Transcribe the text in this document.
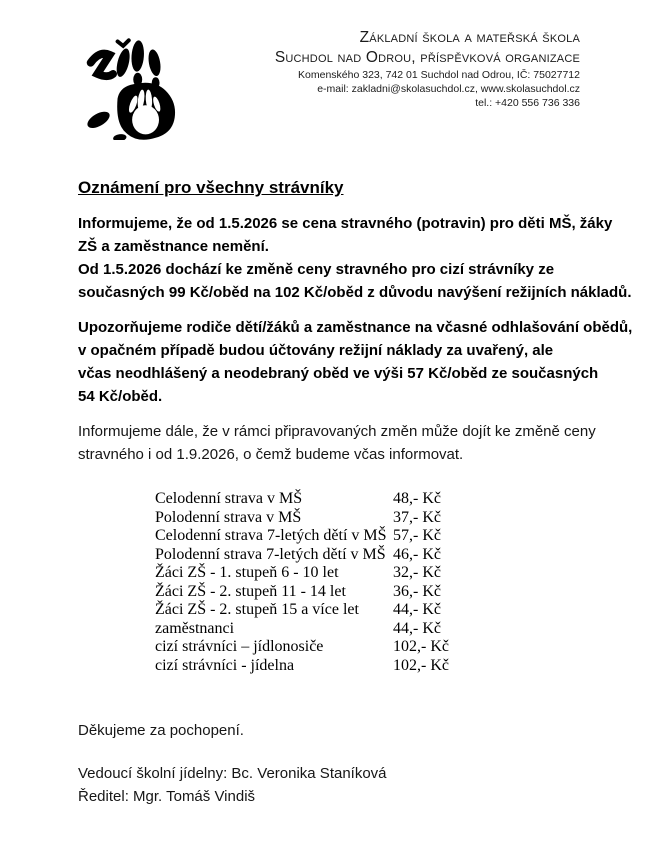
Základní škola a mateřská škola
Suchdol nad Odrou, příspěvková organizace
Komenského 323, 742 01 Suchdol nad Odrou, IČ: 75027712
e-mail: zakladni@skolasuchdol.cz, www.skolasuchdol.cz
tel.: +420 556 736 336
Oznámení pro všechny strávníky
Informujeme, že od 1.5.2026 se cena stravného (potravin) pro děti MŠ, žáky
ZŠ a zaměstnance nemění.
Od 1.5.2026 dochází ke změně ceny stravného pro cizí strávníky ze
současných 99 Kč/oběd na 102 Kč/oběd z důvodu navýšení režijních nákladů.
Upozorňujeme rodiče dětí/žáků a zaměstnance na včasné odhlašování obědů,
v opačném případě budou účtovány režijní náklady za uvařený, ale
včas neodhlášený a neodebraný oběd ve výši 57 Kč/oběd ze současných
54 Kč/oběd.
Informujeme dále, že v rámci připravovaných změn může dojít ke změně ceny
stravného i od 1.9.2026, o čemž budeme včas informovat.
Celodenní strava v MŠ	48,- Kč
Polodenní strava v MŠ	37,- Kč
Celodenní strava 7-letých dětí v MŠ 57,- Kč
Polodenní strava 7-letých dětí v MŠ 46,- Kč
Žáci ZŠ - 1. stupeň 6 - 10 let	32,- Kč
Žáci ZŠ - 2. stupeň 11 - 14 let	36,- Kč
Žáci ZŠ - 2. stupeň 15 a více let	44,- Kč
zaměstnanci	44,- Kč
cizí strávníci – jídlonosiče	102,- Kč
cizí strávníci - jídelna	102,- Kč
Děkujeme za pochopení.
Vedoucí školní jídelny: Bc. Veronika Staníková
Ředitel: Mgr. Tomáš Vindiš
